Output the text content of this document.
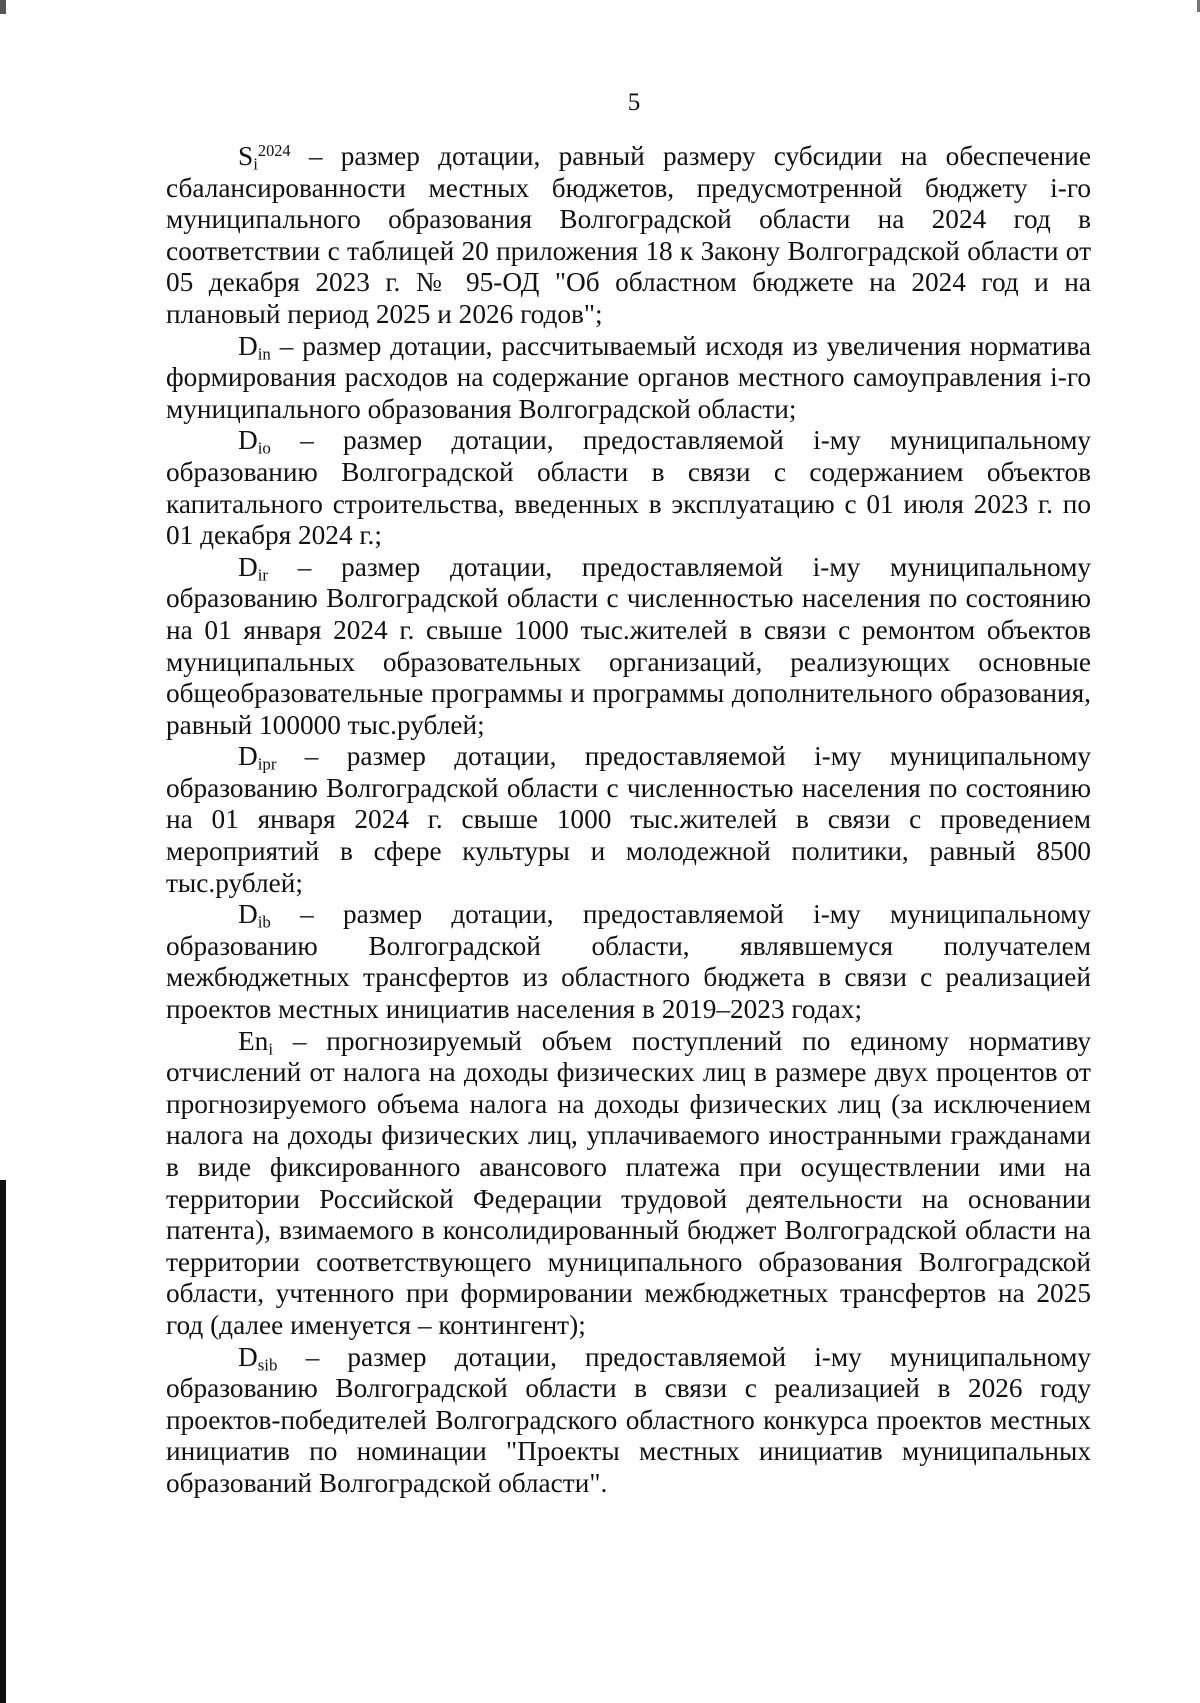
5

$S_i^{2024}$ – размер дотации, равный размеру субсидии на обеспечение сбалансированности местных бюджетов, предусмотренной бюджету i-го муниципального образования Волгоградской области на 2024 год в соответствии с таблицей 20 приложения 18 к Закону Волгоградской области от 05 декабря 2023 г. № 95-ОД "Об областном бюджете на 2024 год и на плановый период 2025 и 2026 годов";

$D_{in}$ – размер дотации, рассчитываемый исходя из увеличения норматива формирования расходов на содержание органов местного самоуправления i-го муниципального образования Волгоградской области;

$D_{io}$ – размер дотации, предоставляемой i-му муниципальному образованию Волгоградской области в связи с содержанием объектов капитального строительства, введенных в эксплуатацию с 01 июля 2023 г. по 01 декабря 2024 г.;

$D_{ir}$ – размер дотации, предоставляемой i-му муниципальному образованию Волгоградской области с численностью населения по состоянию на 01 января 2024 г. свыше 1000 тыс.жителей в связи с ремонтом объектов муниципальных образовательных организаций, реализующих основные общеобразовательные программы и программы дополнительного образования, равный 100000 тыс.рублей;

$D_{ipr}$ – размер дотации, предоставляемой i-му муниципальному образованию Волгоградской области с численностью населения по состоянию на 01 января 2024 г. свыше 1000 тыс.жителей в связи с проведением мероприятий в сфере культуры и молодежной политики, равный 8500 тыс.рублей;

$D_{ib}$ – размер дотации, предоставляемой i-му муниципальному образованию Волгоградской области, являвшемуся получателем межбюджетных трансфертов из областного бюджета в связи с реализацией проектов местных инициатив населения в 2019–2023 годах;

$En_i$ – прогнозируемый объем поступлений по единому нормативу отчислений от налога на доходы физических лиц в размере двух процентов от прогнозируемого объема налога на доходы физических лиц (за исключением налога на доходы физических лиц, уплачиваемого иностранными гражданами в виде фиксированного авансового платежа при осуществлении ими на территории Российской Федерации трудовой деятельности на основании патента), взимаемого в консолидированный бюджет Волгоградской области на территории соответствующего муниципального образования Волгоградской области, учтенного при формировании межбюджетных трансфертов на 2025 год (далее именуется – контингент);

$D_{sib}$ – размер дотации, предоставляемой i-му муниципальному образованию Волгоградской области в связи с реализацией в 2026 году проектов-победителей Волгоградского областного конкурса проектов местных инициатив по номинации "Проекты местных инициатив муниципальных образований Волгоградской области".
